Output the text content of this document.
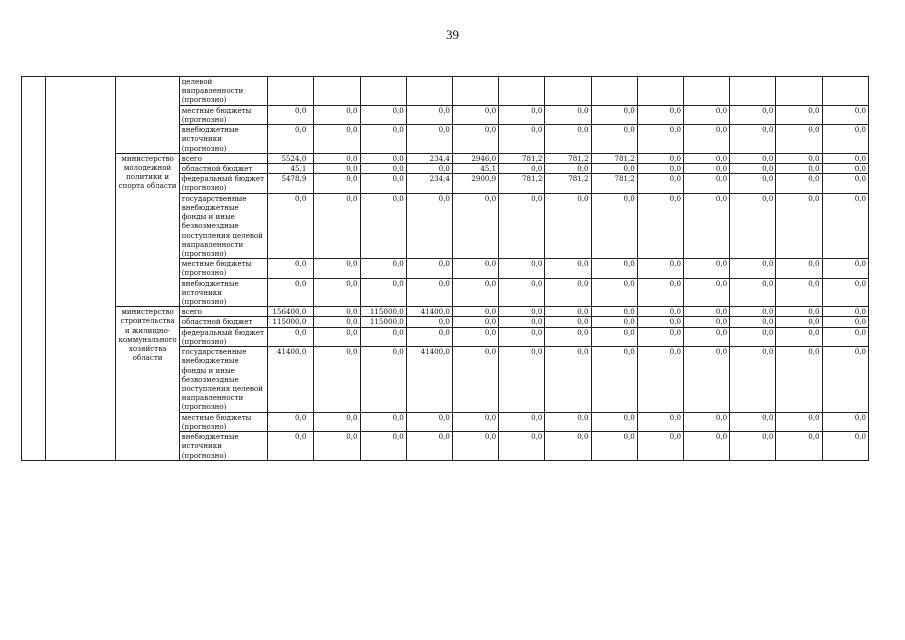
39
			целевой направленности (прогнозно)													
			местные бюджеты (прогнозно)	0,0	0,0	0,0	0,0	0,0	0,0	0,0	0,0	0,0	0,0	0,0	0,0	0,0
			внебюджетные источники (прогнозно)	0,0	0,0	0,0	0,0	0,0	0,0	0,0	0,0	0,0	0,0	0,0	0,0	0,0
		министерство молодежной политики и спорта области	всего	5524,0	0,0	0,0	234,4	2946,0	781,2	781,2	781,2	0,0	0,0	0,0	0,0	0,0
			областной бюджет	45,1	0,0	0,0	0,0	45,1	0,0	0,0	0,0	0,0	0,0	0,0	0,0	0,0
			федеральный бюджет (прогнозно)	5478,9	0,0	0,0	234,4	2900,9	781,2	781,2	781,2	0,0	0,0	0,0	0,0	0,0
			государственные внебюджетные фонды и иные безвозмездные поступления целевой направленности (прогнозно)	0,0	0,0	0,0	0,0	0,0	0,0	0,0	0,0	0,0	0,0	0,0	0,0	0,0
			местные бюджеты (прогнозно)	0,0	0,0	0,0	0,0	0,0	0,0	0,0	0,0	0,0	0,0	0,0	0,0	0,0
			внебюджетные источники (прогнозно)	0,0	0,0	0,0	0,0	0,0	0,0	0,0	0,0	0,0	0,0	0,0	0,0	0,0
		министерство строительства и жилищно-коммунального хозяйства области	всего	156400,0	0,0	115000,0	41400,0	0,0	0,0	0,0	0,0	0,0	0,0	0,0	0,0	0,0
			областной бюджет	115000,0	0,0	115000,0	0,0	0,0	0,0	0,0	0,0	0,0	0,0	0,0	0,0	0,0
			федеральный бюджет (прогнозно)	0,0	0,0	0,0	0,0	0,0	0,0	0,0	0,0	0,0	0,0	0,0	0,0	0,0
			государственные внебюджетные фонды и иные безвозмездные поступления целевой направленности (прогнозно)	41400,0	0,0	0,0	41400,0	0,0	0,0	0,0	0,0	0,0	0,0	0,0	0,0	0,0
			местные бюджеты (прогнозно)	0,0	0,0	0,0	0,0	0,0	0,0	0,0	0,0	0,0	0,0	0,0	0,0	0,0
			внебюджетные источники (прогнозно)	0,0	0,0	0,0	0,0	0,0	0,0	0,0	0,0	0,0	0,0	0,0	0,0	0,0
